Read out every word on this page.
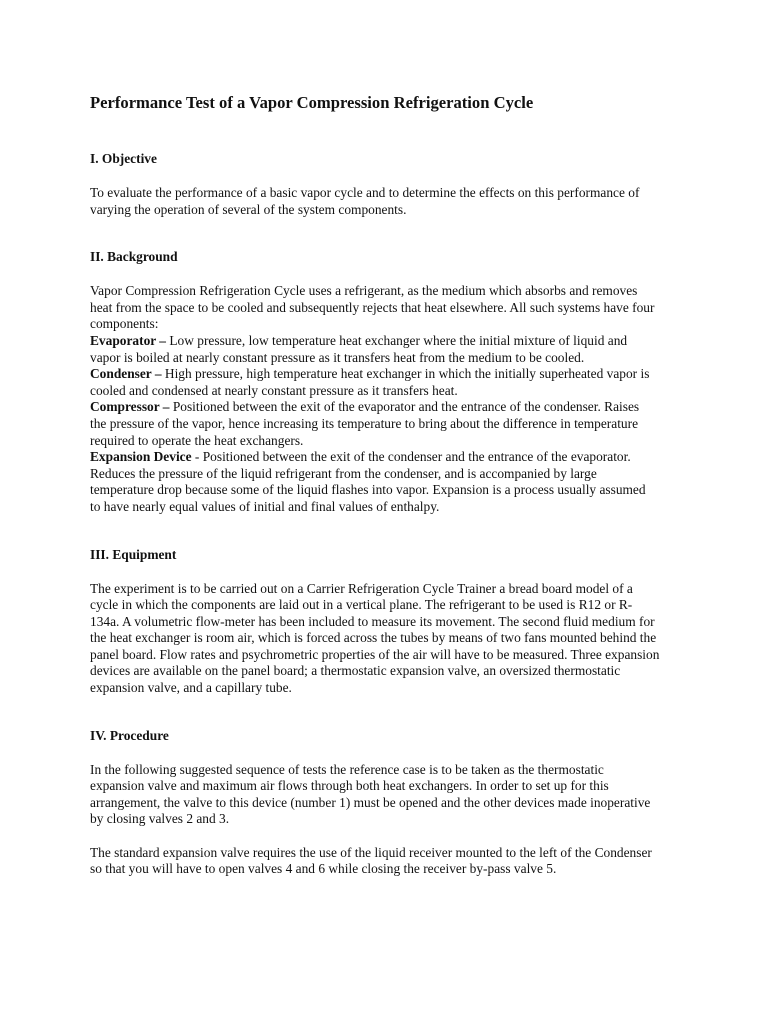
Performance Test of a Vapor Compression Refrigeration Cycle
I. Objective
To evaluate the performance of a basic vapor cycle and to determine the effects on this performance of
varying the operation of several of the system components.
II. Background
Vapor Compression Refrigeration Cycle uses a refrigerant, as the medium which absorbs and removes
heat from the space to be cooled and subsequently rejects that heat elsewhere. All such systems have four
components:
Evaporator – Low pressure, low temperature heat exchanger where the initial mixture of liquid and
vapor is boiled at nearly constant pressure as it transfers heat from the medium to be cooled.
Condenser – High pressure, high temperature heat exchanger in which the initially superheated vapor is
cooled and condensed at nearly constant pressure as it transfers heat.
Compressor – Positioned between the exit of the evaporator and the entrance of the condenser. Raises
the pressure of the vapor, hence increasing its temperature to bring about the difference in temperature
required to operate the heat exchangers.
Expansion Device - Positioned between the exit of the condenser and the entrance of the evaporator.
Reduces the pressure of the liquid refrigerant from the condenser, and is accompanied by large
temperature drop because some of the liquid flashes into vapor. Expansion is a process usually assumed
to have nearly equal values of initial and final values of enthalpy.
III. Equipment
The experiment is to be carried out on a Carrier Refrigeration Cycle Trainer a bread board model of a
cycle in which the components are laid out in a vertical plane. The refrigerant to be used is R12 or R-
134a. A volumetric flow-meter has been included to measure its movement. The second fluid medium for
the heat exchanger is room air, which is forced across the tubes by means of two fans mounted behind the
panel board. Flow rates and psychrometric properties of the air will have to be measured. Three expansion
devices are available on the panel board; a thermostatic expansion valve, an oversized thermostatic
expansion valve, and a capillary tube.
IV. Procedure
In the following suggested sequence of tests the reference case is to be taken as the thermostatic
expansion valve and maximum air flows through both heat exchangers. In order to set up for this
arrangement, the valve to this device (number 1) must be opened and the other devices made inoperative
by closing valves 2 and 3.
The standard expansion valve requires the use of the liquid receiver mounted to the left of the Condenser
so that you will have to open valves 4 and 6 while closing the receiver by-pass valve 5.
